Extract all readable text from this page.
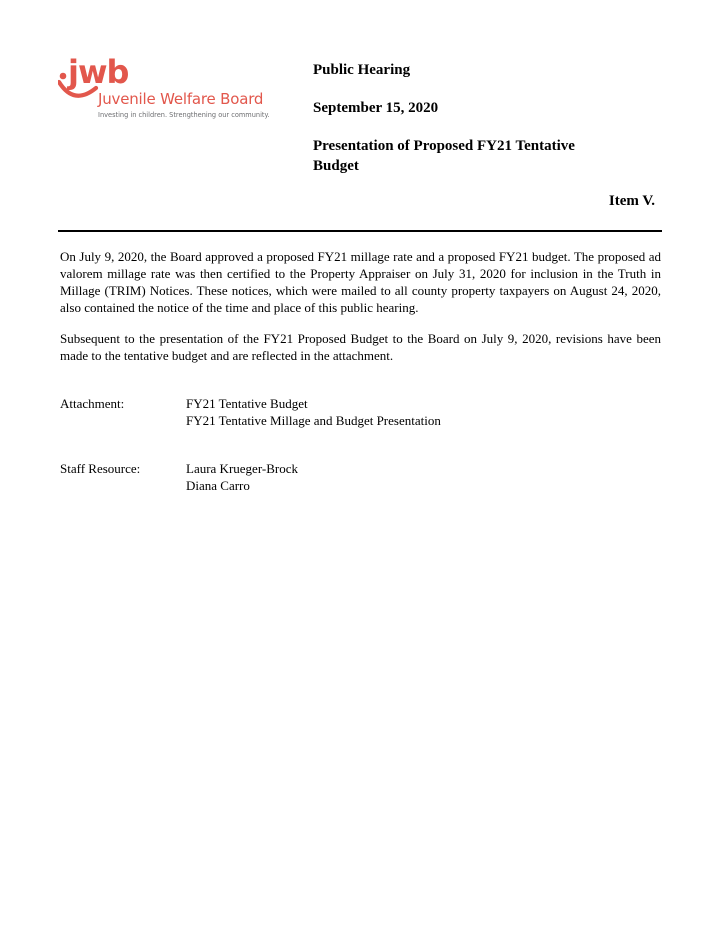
jwb
Juvenile Welfare Board
Investing in children. Strengthening our community.
Public Hearing
September 15, 2020
Presentation of Proposed FY21 Tentative
Budget
Item V.

On July 9, 2020, the Board approved a proposed FY21 millage rate and a proposed FY21 budget. The proposed ad valorem millage rate was then certified to the Property Appraiser on July 31, 2020 for inclusion in the Truth in Millage (TRIM) Notices. These notices, which were mailed to all county property taxpayers on August 24, 2020, also contained the notice of the time and place of this public hearing.

Subsequent to the presentation of the FY21 Proposed Budget to the Board on July 9, 2020, revisions have been made to the tentative budget and are reflected in the attachment.

Attachment:	FY21 Tentative Budget
FY21 Tentative Millage and Budget Presentation
Staff Resource:	Laura Krueger-Brock
Diana Carro
